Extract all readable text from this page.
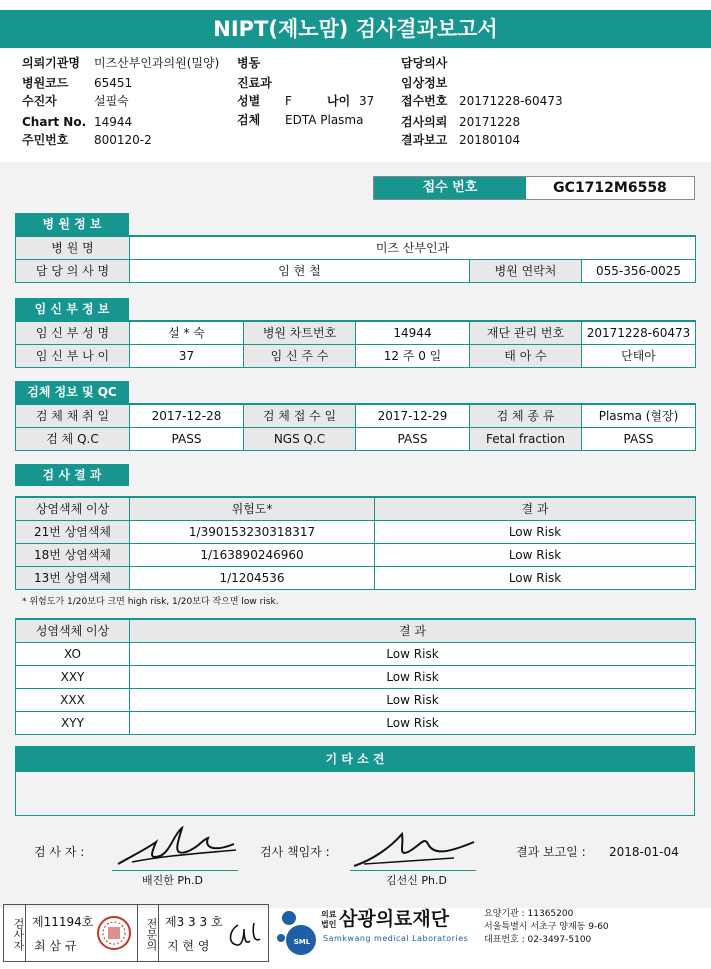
NIPT(제노맘) 검사결과보고서
의뢰기관명 미즈산부인과의원(밀양)
병원코드 65451
수진자	설필숙
Chart No. 14944
주민번호 800120-2
병동
진료과
성별 F	나이 37
검체 EDTA Plasma
담당의사
임상정보
접수번호 20171228-60473
검사의뢰 20171228
결과보고 20180104
접수 번호	GC1712M6558
병 원 정 보
병 원 명	미즈 산부인과		
담 당 의 사 명	임 현 철	병원 연락처	055-356-0025
임 신 부 정 보
임 신 부 성 명	설 * 숙	병원 차트번호	14944	재단 관리 번호	20171228-60473
임 신 부 나 이	37	임 신 주 수	12 주 0 일	태 아 수	단태아
검체 정보 및 QC
검 체 채 취 일	2017-12-28	검 체 접 수 일	2017-12-29	검 체 종 류	Plasma (혈장)
검 체 Q.C	PASS	NGS Q.C	PASS	Fetal fraction	PASS
검 사 결 과
상염색체 이상	위험도*	결 과
21번 상염색체	1/390153230318317	Low Risk
18번 상염색체	1/163890246960	Low Risk
13번 상염색체	1/1204536	Low Risk
* 위험도가 1/20보다 크면 high risk, 1/20보다 작으면 low risk.
성염색체 이상	결 과
XO	Low Risk
XXY	Low Risk
XXX	Low Risk
XYY	Low Risk
기 타 소 견
검 사 자 :
배진한 Ph.D
검사 책임자 :
김선신 Ph.D
결과 보고일 : 2018-01-04
검사자 제11194호
최 삼 규	전문의 제3 3 3 호
지 현 영	SML
의료
법인 삼광의료재단
Samkwang medical Laboratories
요양기관 : 11365200
서울특별시 서초구 양재동 9-60
대표번호 : 02-3497-5100
